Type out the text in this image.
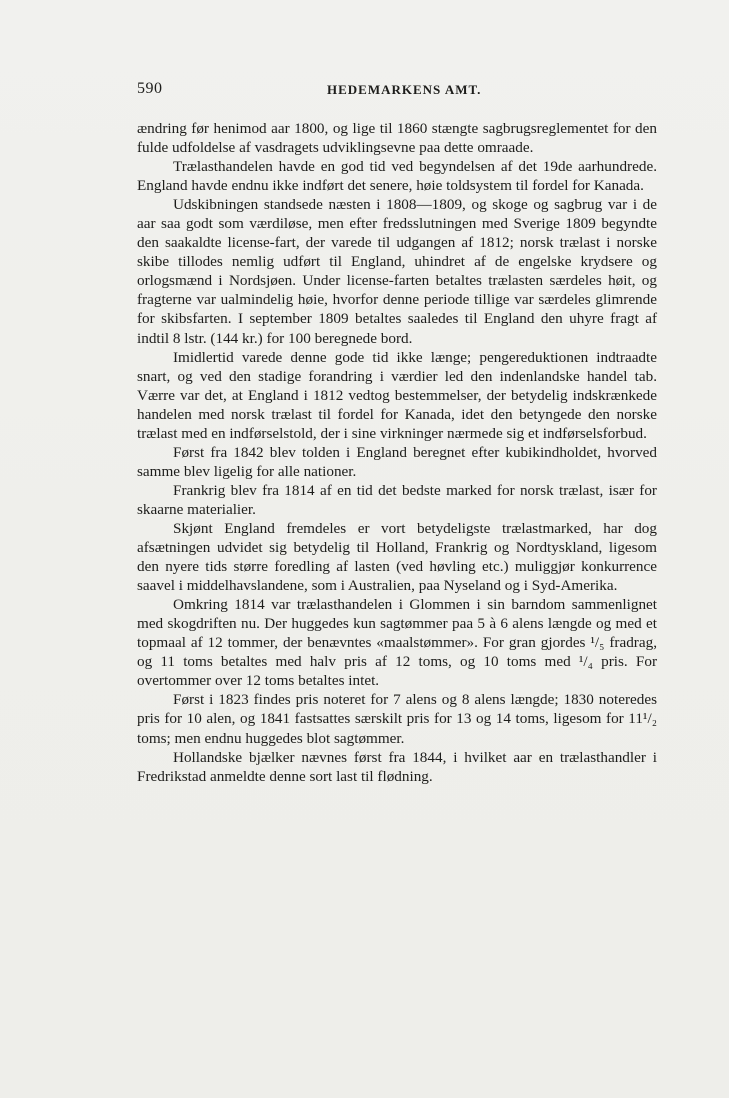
590	HEDEMARKENS AMT.

ændring før henimod aar 1800, og lige til 1860 stængte sagbrugsreglementet for den fulde udfoldelse af vasdragets udviklingsevne paa dette omraade.

Trælasthandelen havde en god tid ved begyndelsen af det 19de aarhundrede. England havde endnu ikke indført det senere, høie toldsystem til fordel for Kanada.

Udskibningen standsede næsten i 1808—1809, og skoge og sagbrug var i de aar saa godt som værdiløse, men efter fredsslutningen med Sverige 1809 begyndte den saakaldte license-fart, der varede til udgangen af 1812; norsk trælast i norske skibe tillodes nemlig udført til England, uhindret af de engelske krydsere og orlogsmænd i Nordsjøen. Under license-farten betaltes trælasten særdeles høit, og fragterne var ualmindelig høie, hvorfor denne periode tillige var særdeles glimrende for skibsfarten. I september 1809 betaltes saaledes til England den uhyre fragt af indtil 8 lstr. (144 kr.) for 100 beregnede bord.

Imidlertid varede denne gode tid ikke længe; pengereduktionen indtraadte snart, og ved den stadige forandring i værdier led den indenlandske handel tab. Værre var det, at England i 1812 vedtog bestemmelser, der betydelig indskrænkede handelen med norsk trælast til fordel for Kanada, idet den betyngede den norske trælast med en indførselstold, der i sine virkninger nærmede sig et indførselsforbud.

Først fra 1842 blev tolden i England beregnet efter kubikindholdet, hvorved samme blev ligelig for alle nationer.

Frankrig blev fra 1814 af en tid det bedste marked for norsk trælast, især for skaarne materialier.

Skjønt England fremdeles er vort betydeligste trælastmarked, har dog afsætningen udvidet sig betydelig til Holland, Frankrig og Nordtyskland, ligesom den nyere tids større foredling af lasten (ved høvling etc.) muliggjør konkurrence saavel i middelhavslandene, som i Australien, paa Nyseland og i Syd-Amerika.

Omkring 1814 var trælasthandelen i Glommen i sin barndom sammenlignet med skogdriften nu. Der huggedes kun sagtømmer paa 5 à 6 alens længde og med et topmaal af 12 tommer, der benævntes «maalstømmer». For gran gjordes ¹/₅ fradrag, og 11 toms betaltes med halv pris af 12 toms, og 10 toms med ¹/₄ pris. For overtommer over 12 toms betaltes intet.

Først i 1823 findes pris noteret for 7 alens og 8 alens længde; 1830 noteredes pris for 10 alen, og 1841 fastsattes særskilt pris for 13 og 14 toms, ligesom for 11¹/₂ toms; men endnu huggedes blot sagtømmer.

Hollandske bjælker nævnes først fra 1844, i hvilket aar en trælasthandler i Fredrikstad anmeldte denne sort last til flødning.
